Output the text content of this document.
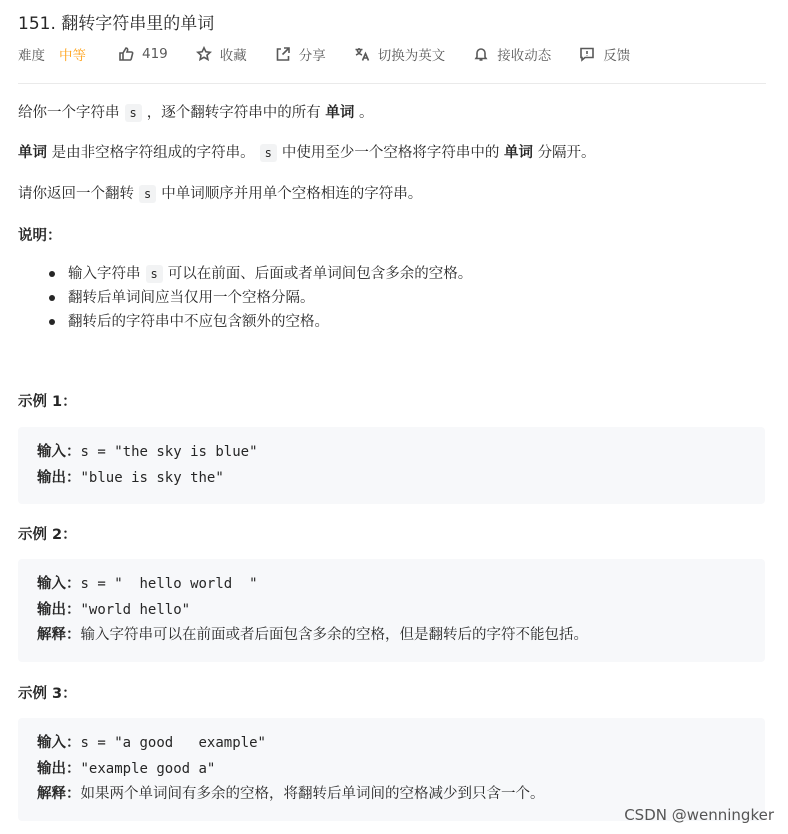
151. 翻转字符串里的单词
难度 中等	419	收藏	分享	切换为英文	接收动态	反馈
给你一个字符串 s ，逐个翻转字符串中的所有 单词 。
单词 是由非空格字符组成的字符串。 s 中使用至少一个空格将字符串中的 单词 分隔开。
请你返回一个翻转 s 中单词顺序并用单个空格相连的字符串。
说明：
输入字符串 s 可以在前面、后面或者单词间包含多余的空格。
翻转后单词间应当仅用一个空格分隔。
翻转后的字符串中不应包含额外的空格。
示例 1：
输入：s = "the sky is blue"
输出："blue is sky the"
示例 2：
输入：s = "  hello world  "
输出："world hello"
解释：输入字符串可以在前面或者后面包含多余的空格，但是翻转后的字符不能包括。
示例 3：
输入：s = "a good   example"
输出："example good a"
解释：如果两个单词间有多余的空格，将翻转后单词间的空格减少到只含一个。
CSDN @wenningker
